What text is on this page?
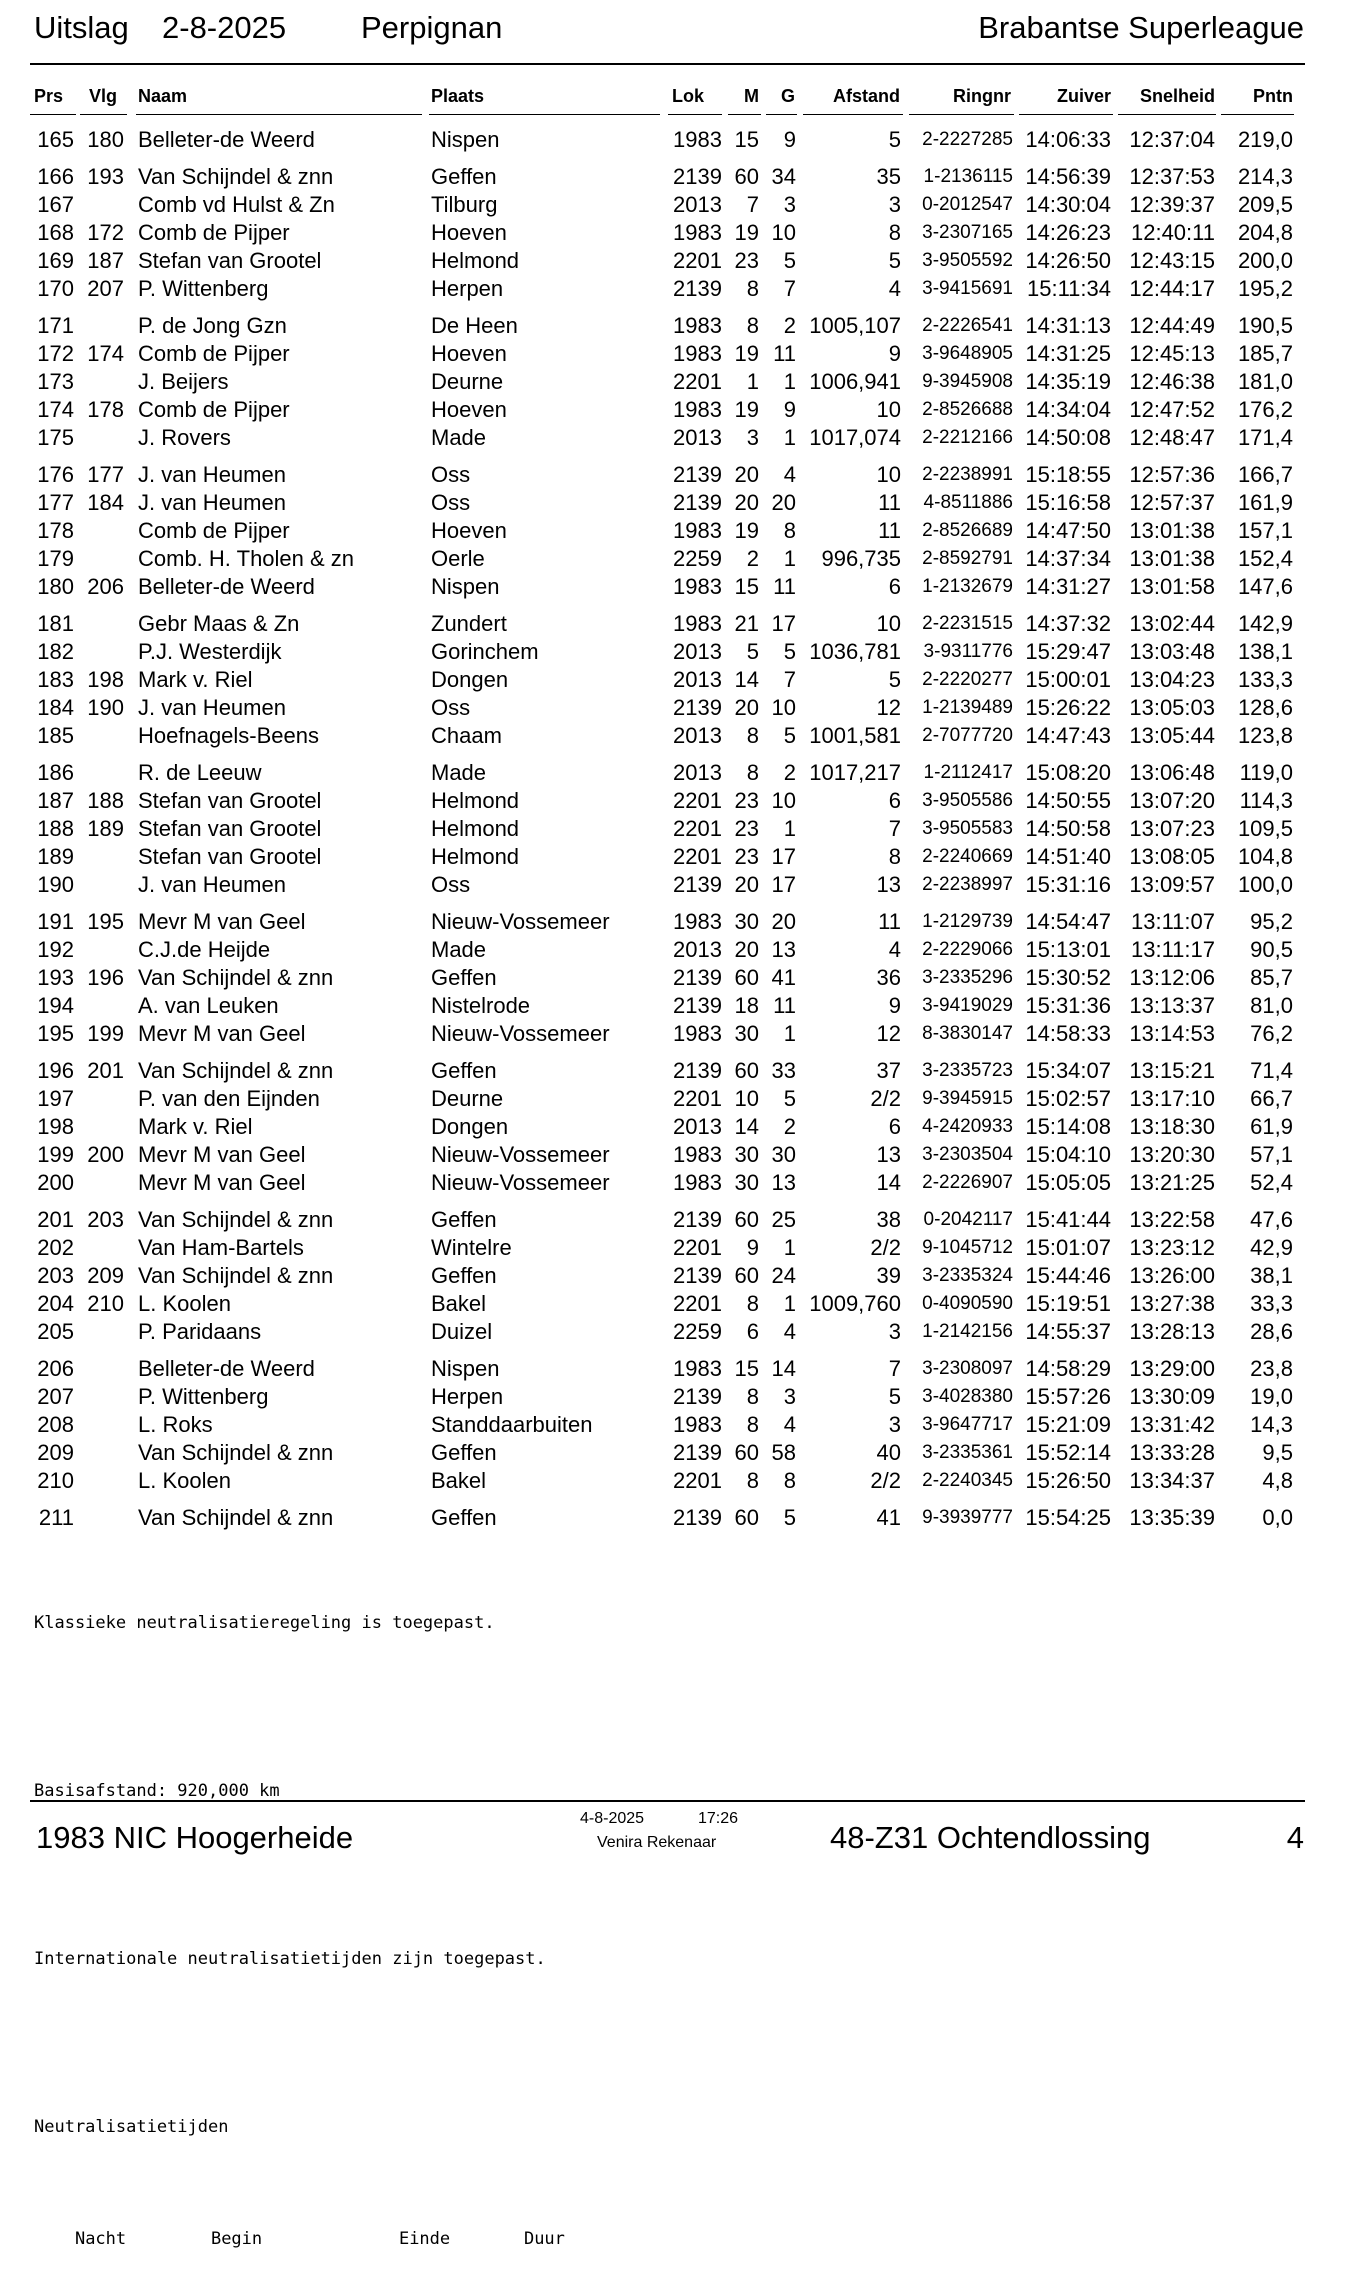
Uitslag 2-8-2025 Perpignan	Brabantse Superleague
Prs Vlg Naam	Plaats	Lok M G Afstand	Ringnr	Zuiver Snelheid Pntn
165 180 Belleter-de Weerd	Nispen	1983 15 9	5 2-2227285 14:06:33 12:37:04 219,0
166 193 Van Schijndel & znn	Geffen	2139 60 34	35 1-2136115 14:56:39 12:37:53 214,3
167	Comb vd Hulst & Zn	Tilburg	2013 7 3	3 0-2012547 14:30:04 12:39:37 209,5
168 172 Comb de Pijper	Hoeven	1983 19 10	8 3-2307165 14:26:23 12:40:11 204,8
169 187 Stefan van Grootel	Helmond	2201 23 5	5 3-9505592 14:26:50 12:43:15 200,0
170 207 P. Wittenberg	Herpen	2139 8 7	4 3-9415691 15:11:34 12:44:17 195,2
171	P. de Jong Gzn	De Heen	1983 8 2 1005,107 2-2226541 14:31:13 12:44:49 190,5
172 174 Comb de Pijper	Hoeven	1983 19 11	9 3-9648905 14:31:25 12:45:13 185,7
173	J. Beijers	Deurne	2201 1 1 1006,941 9-3945908 14:35:19 12:46:38 181,0
174 178 Comb de Pijper	Hoeven	1983 19 9	10 2-8526688 14:34:04 12:47:52 176,2
175	J. Rovers	Made	2013 3 1 1017,074 2-2212166 14:50:08 12:48:47 171,4
176 177 J. van Heumen	Oss	2139 20 4	10 2-2238991 15:18:55 12:57:36 166,7
177 184 J. van Heumen	Oss	2139 20 20	11 4-8511886 15:16:58 12:57:37 161,9
178	Comb de Pijper	Hoeven	1983 19 8	11 2-8526689 14:47:50 13:01:38 157,1
179	Comb. H. Tholen & zn	Oerle	2259 2 1 996,735 2-8592791 14:37:34 13:01:38 152,4
180 206 Belleter-de Weerd	Nispen	1983 15 11	6 1-2132679 14:31:27 13:01:58 147,6
181	Gebr Maas & Zn	Zundert	1983 21 17	10 2-2231515 14:37:32 13:02:44 142,9
182	P.J. Westerdijk	Gorinchem	2013 5 5 1036,781 3-9311776 15:29:47 13:03:48 138,1
183 198 Mark v. Riel	Dongen	2013 14 7	5 2-2220277 15:00:01 13:04:23 133,3
184 190 J. van Heumen	Oss	2139 20 10	12 1-2139489 15:26:22 13:05:03 128,6
185	Hoefnagels-Beens	Chaam	2013 8 5 1001,581 2-7077720 14:47:43 13:05:44 123,8
186	R. de Leeuw	Made	2013 8 2 1017,217 1-2112417 15:08:20 13:06:48 119,0
187 188 Stefan van Grootel	Helmond	2201 23 10	6 3-9505586 14:50:55 13:07:20 114,3
188 189 Stefan van Grootel	Helmond	2201 23 1	7 3-9505583 14:50:58 13:07:23 109,5
189	Stefan van Grootel	Helmond	2201 23 17	8 2-2240669 14:51:40 13:08:05 104,8
190	J. van Heumen	Oss	2139 20 17	13 2-2238997 15:31:16 13:09:57 100,0
191 195 Mevr M van Geel	Nieuw-Vossemeer	1983 30 20	11 1-2129739 14:54:47 13:11:07 95,2
192	C.J.de Heijde	Made	2013 20 13	4 2-2229066 15:13:01 13:11:17 90,5
193 196 Van Schijndel & znn	Geffen	2139 60 41	36 3-2335296 15:30:52 13:12:06 85,7
194	A. van Leuken	Nistelrode	2139 18 11	9 3-9419029 15:31:36 13:13:37 81,0
195 199 Mevr M van Geel	Nieuw-Vossemeer	1983 30 1	12 8-3830147 14:58:33 13:14:53 76,2
196 201 Van Schijndel & znn	Geffen	2139 60 33	37 3-2335723 15:34:07 13:15:21 71,4
197	P. van den Eijnden	Deurne	2201 10 5	2/2 9-3945915 15:02:57 13:17:10 66,7
198	Mark v. Riel	Dongen	2013 14 2	6 4-2420933 15:14:08 13:18:30 61,9
199 200 Mevr M van Geel	Nieuw-Vossemeer	1983 30 30	13 3-2303504 15:04:10 13:20:30 57,1
200	Mevr M van Geel	Nieuw-Vossemeer	1983 30 13	14 2-2226907 15:05:05 13:21:25 52,4
201 203 Van Schijndel & znn	Geffen	2139 60 25	38 0-2042117 15:41:44 13:22:58 47,6
202	Van Ham-Bartels	Wintelre	2201 9 1	2/2 9-1045712 15:01:07 13:23:12 42,9
203 209 Van Schijndel & znn	Geffen	2139 60 24	39 3-2335324 15:44:46 13:26:00 38,1
204 210 L. Koolen	Bakel	2201 8 1 1009,760 0-4090590 15:19:51 13:27:38 33,3
205	P. Paridaans	Duizel	2259 6 4	3 1-2142156 14:55:37 13:28:13 28,6
206	Belleter-de Weerd	Nispen	1983 15 14	7 3-2308097 14:58:29 13:29:00 23,8
207	P. Wittenberg	Herpen	2139 8 3	5 3-4028380 15:57:26 13:30:09 19,0
208	L. Roks	Standdaarbuiten	1983 8 4	3 3-9647717 15:21:09 13:31:42 14,3
209	Van Schijndel & znn	Geffen	2139 60 58	40 3-2335361 15:52:14 13:33:28 9,5
210	L. Koolen	Bakel	2201 8 8	2/2 2-2240345 15:26:50 13:34:37 4,8
211	Van Schijndel & znn	Geffen	2139 60 5	41 9-3939777 15:54:25 13:35:39 0,0

Klassieke neutralisatieregeling is toegepast.

Basisafstand: 920,000 km

Internationale neutralisatietijden zijn toegepast.

Neutralisatietijden

Nacht	Begin	Einde	Duur

1983 NIC Hoogerheide
4-8-2025	17:26
Venira Rekenaar	48-Z31 Ochtendlossing	4
